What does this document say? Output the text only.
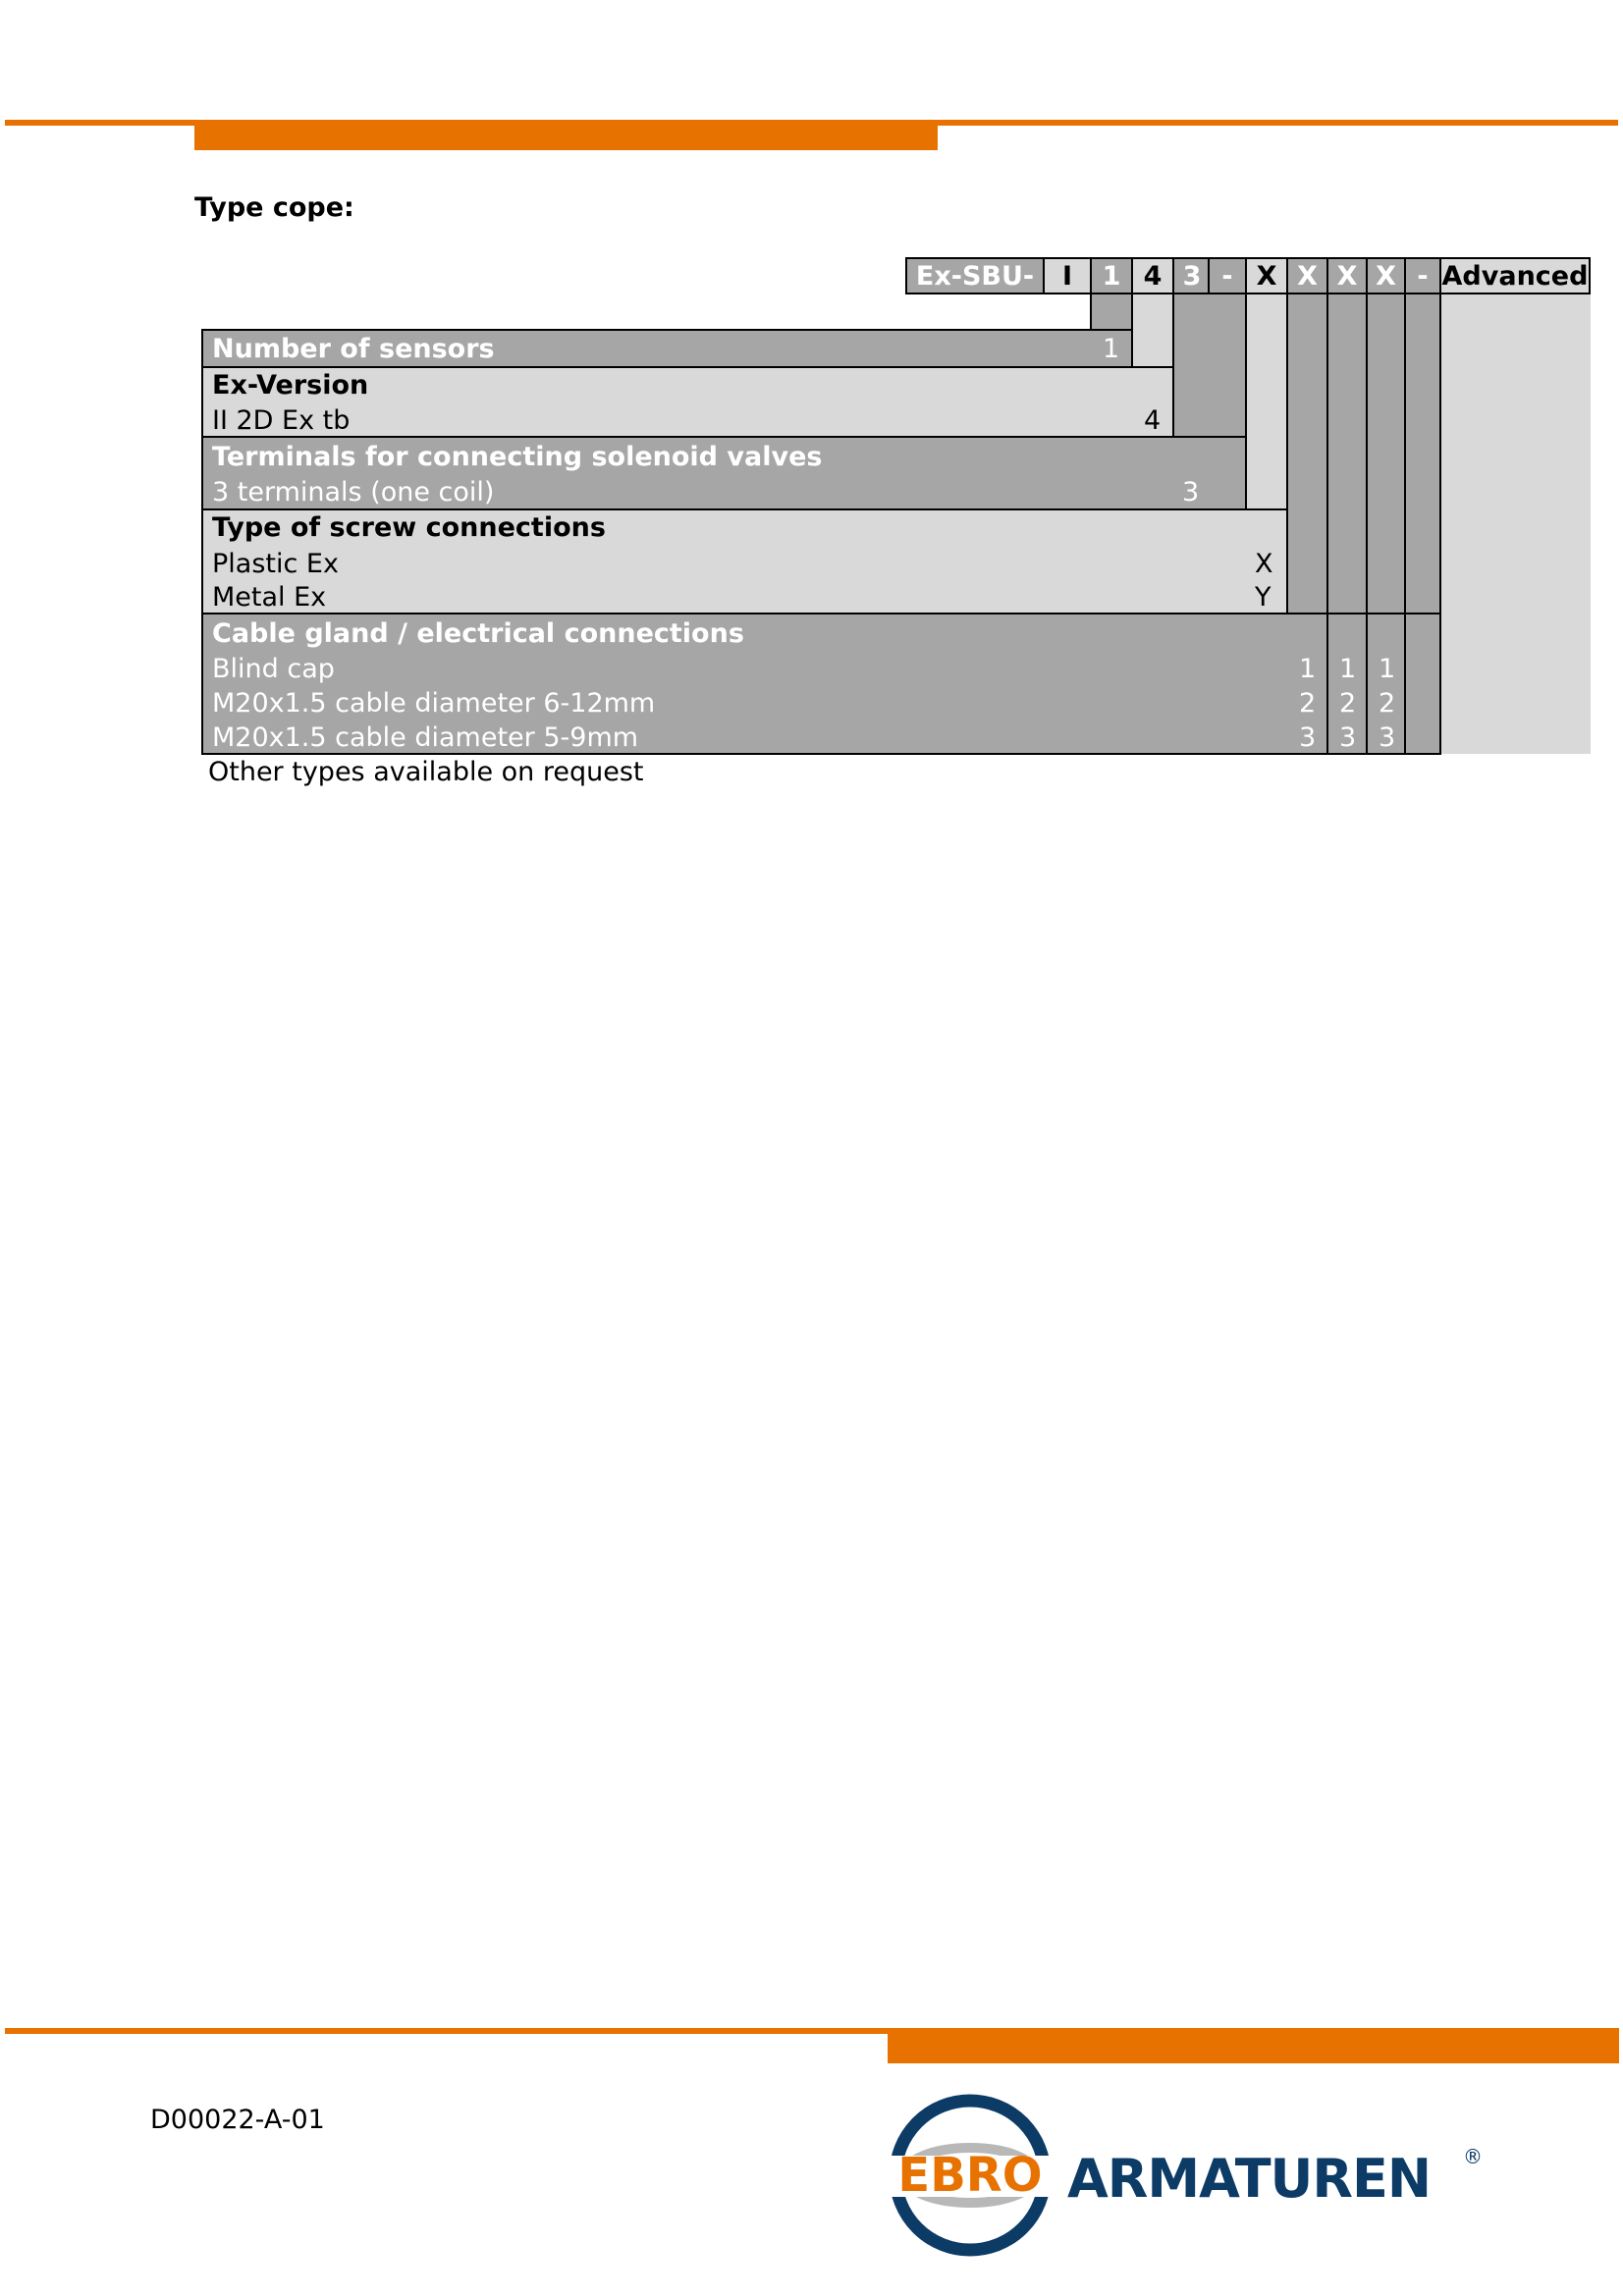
Type cope:
Ex-SBU-	I	1 4 3 - X X X X - Advanced
Number of sensors	1
Ex-Version
II 2D Ex tb	4
Terminals for connecting solenoid valves
3 terminals (one coil)	3
Type of screw connections
Plastic Ex	X
Metal Ex	Y
Cable gland / electrical connections
Blind cap	1 1 1
M20x1.5 cable diameter 6-12mm	2 2 2
M20x1.5 cable diameter 5-9mm	3 3 3
Other types available on request
D00022-A-01
EBRO ARMATUREN ®
